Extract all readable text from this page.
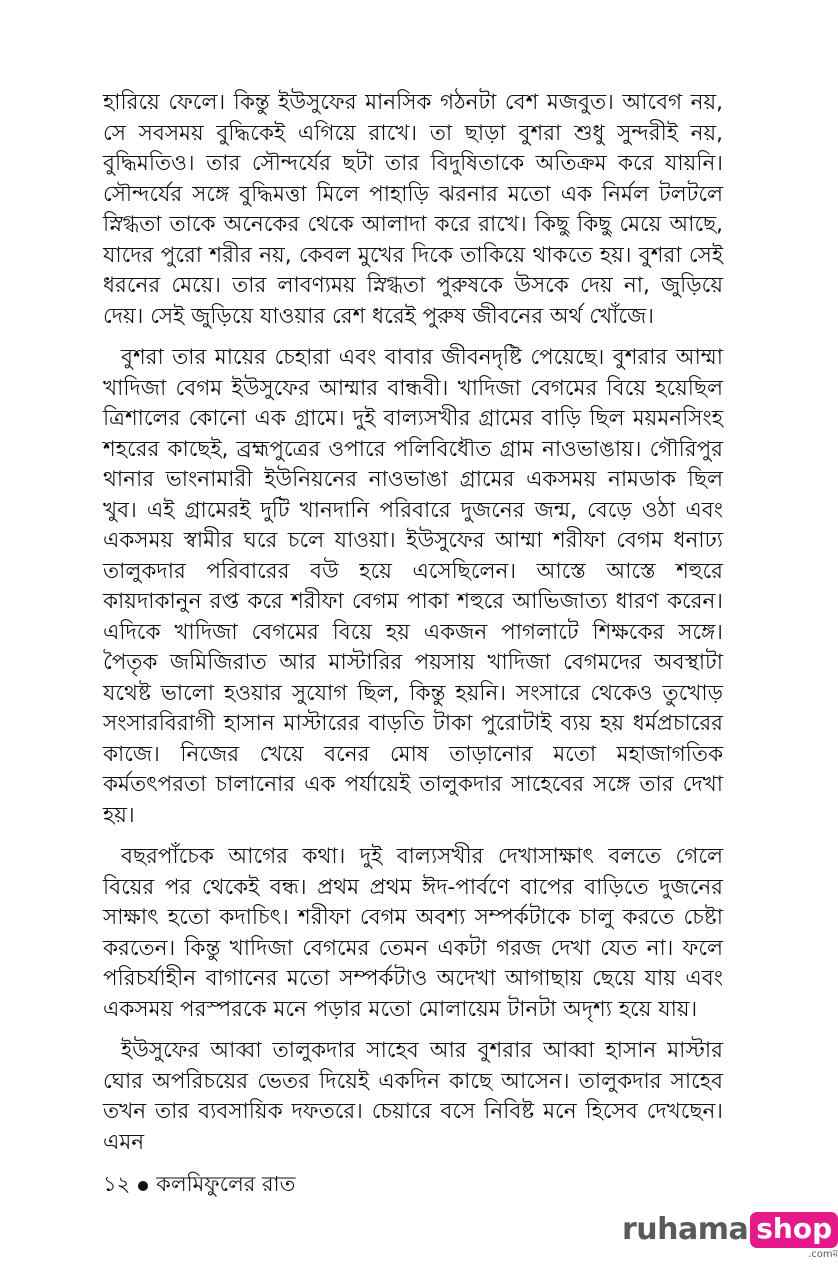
হারিয়ে ফেলে। কিন্তু ইউসুফের মানসিক গঠনটা বেশ মজবুত। আবেগ নয়, সে সবসময় বুদ্ধিকেই এগিয়ে রাখে। তা ছাড়া বুশরা শুধু সুন্দরীই নয়, বুদ্ধিমতিও। তার সৌন্দর্যের ছটা তার বিদুষিতাকে অতিক্রম করে যায়নি। সৌন্দর্যের সঙ্গে বুদ্ধিমত্তা মিলে পাহাড়ি ঝরনার মতো এক নির্মল টলটলে স্নিগ্ধতা তাকে অনেকের থেকে আলাদা করে রাখে। কিছু কিছু মেয়ে আছে, যাদের পুরো শরীর নয়, কেবল মুখের দিকে তাকিয়ে থাকতে হয়। বুশরা সেই ধরনের মেয়ে। তার লাবণ্যময় স্নিগ্ধতা পুরুষকে উসকে দেয় না, জুড়িয়ে দেয়। সেই জুড়িয়ে যাওয়ার রেশ ধরেই পুরুষ জীবনের অর্থ খোঁজে।

বুশরা তার মায়ের চেহারা এবং বাবার জীবনদৃষ্টি পেয়েছে। বুশরার আম্মা খাদিজা বেগম ইউসুফের আম্মার বান্ধবী। খাদিজা বেগমের বিয়ে হয়েছিল ত্রিশালের কোনো এক গ্রামে। দুই বাল্যসখীর গ্রামের বাড়ি ছিল ময়মনসিংহ শহরের কাছেই, ব্রহ্মপুত্রের ওপারে পলিবিধৌত গ্রাম নাওভাঙায়। গৌরিপুর থানার ভাংনামারী ইউনিয়নের নাওভাঙা গ্রামের একসময় নামডাক ছিল খুব। এই গ্রামেরই দুটি খানদানি পরিবারে দুজনের জন্ম, বেড়ে ওঠা এবং একসময় স্বামীর ঘরে চলে যাওয়া। ইউসুফের আম্মা শরীফা বেগম ধনাঢ্য তালুকদার পরিবারের বউ হয়ে এসেছিলেন। আস্তে আস্তে শহুরে কায়দাকানুন রপ্ত করে শরীফা বেগম পাকা শহুরে আভিজাত্য ধারণ করেন। এদিকে খাদিজা বেগমের বিয়ে হয় একজন পাগলাটে শিক্ষকের সঙ্গে। পৈতৃক জমিজিরাত আর মাস্টারির পয়সায় খাদিজা বেগমদের অবস্থাটা যথেষ্ট ভালো হওয়ার সুযোগ ছিল, কিন্তু হয়নি। সংসারে থেকেও তুখোড় সংসারবিরাগী হাসান মাস্টারের বাড়তি টাকা পুরোটাই ব্যয় হয় ধর্মপ্রচারের কাজে। নিজের খেয়ে বনের মোষ তাড়ানোর মতো মহাজাগতিক কর্মতৎপরতা চালানোর এক পর্যায়েই তালুকদার সাহেবের সঙ্গে তার দেখা হয়।

বছরপাঁচেক আগের কথা। দুই বাল্যসখীর দেখাসাক্ষাৎ বলতে গেলে বিয়ের পর থেকেই বন্ধ। প্রথম প্রথম ঈদ-পার্বণে বাপের বাড়িতে দুজনের সাক্ষাৎ হতো কদাচিৎ। শরীফা বেগম অবশ্য সম্পর্কটাকে চালু করতে চেষ্টা করতেন। কিন্তু খাদিজা বেগমের তেমন একটা গরজ দেখা যেত না। ফলে পরিচর্যাহীন বাগানের মতো সম্পর্কটাও অদেখা আগাছায় ছেয়ে যায় এবং একসময় পরস্পরকে মনে পড়ার মতো মোলায়েম টানটা অদৃশ্য হয়ে যায়।

ইউসুফের আব্বা তালুকদার সাহেব আর বুশরার আব্বা হাসান মাস্টার ঘোর অপরিচয়ের ভেতর দিয়েই একদিন কাছে আসেন। তালুকদার সাহেব তখন তার ব্যবসায়িক দফতরে। চেয়ারে বসে নিবিষ্ট মনে হিসেব দেখছেন। এমন

১২ কলমিফুলের রাত
ruhama shop
.comম
